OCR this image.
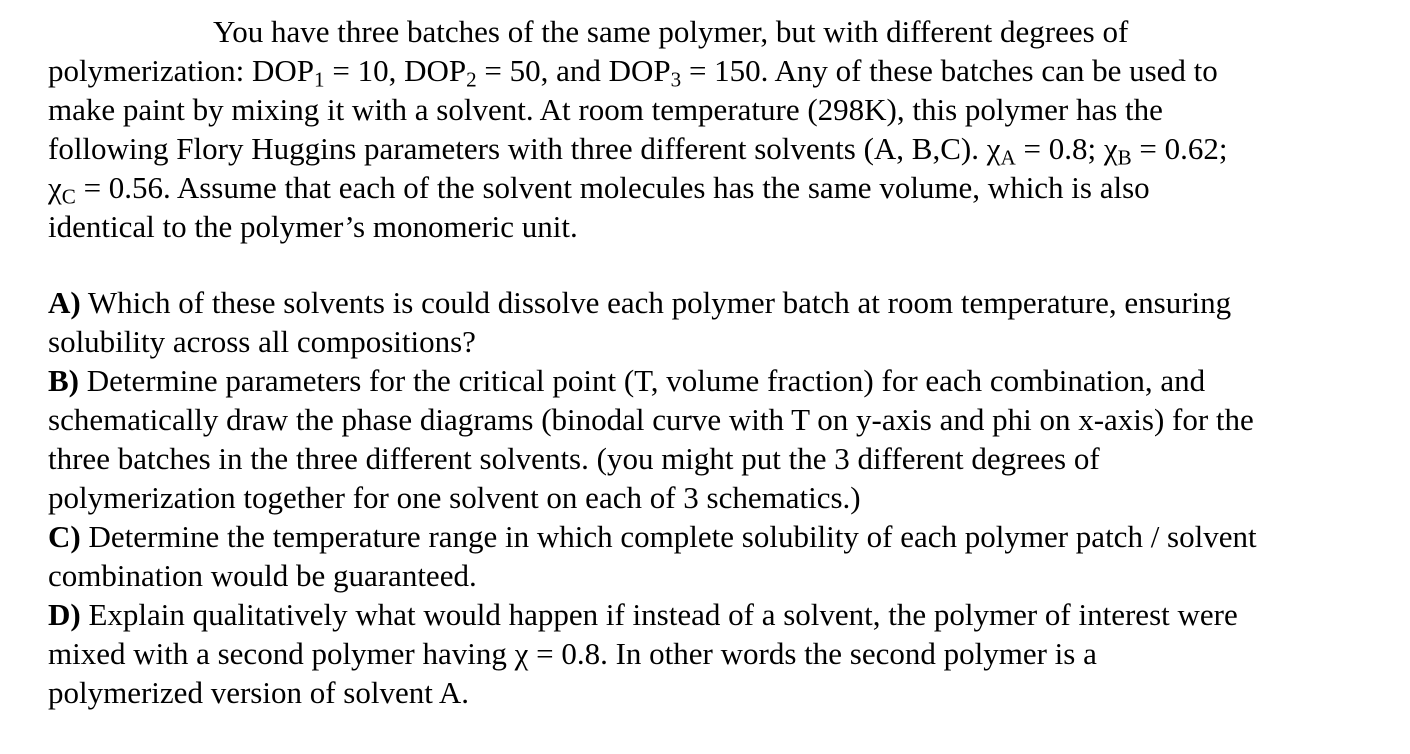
You have three batches of the same polymer, but with different degrees of
polymerization: $DOP_1 = 10$, $DOP_2 = 50$, and $DOP_3 = 150$. Any of these batches can be used to
make paint by mixing it with a solvent. At room temperature (298K), this polymer has the
following Flory Huggins parameters with three different solvents (A, B,C). $\chi_A = 0.8$; $\chi_B = 0.62$;
$\chi_C = 0.56$. Assume that each of the solvent molecules has the same volume, which is also
identical to the polymer’s monomeric unit.
A) Which of these solvents is could dissolve each polymer batch at room temperature, ensuring
solubility across all compositions?
B) Determine parameters for the critical point (T, volume fraction) for each combination, and
schematically draw the phase diagrams (binodal curve with T on y-axis and phi on x-axis) for the
three batches in the three different solvents. (you might put the 3 different degrees of
polymerization together for one solvent on each of 3 schematics.)
C) Determine the temperature range in which complete solubility of each polymer patch / solvent
combination would be guaranteed.
D) Explain qualitatively what would happen if instead of a solvent, the polymer of interest were
mixed with a second polymer having χ = 0.8. In other words the second polymer is a
polymerized version of solvent A.
